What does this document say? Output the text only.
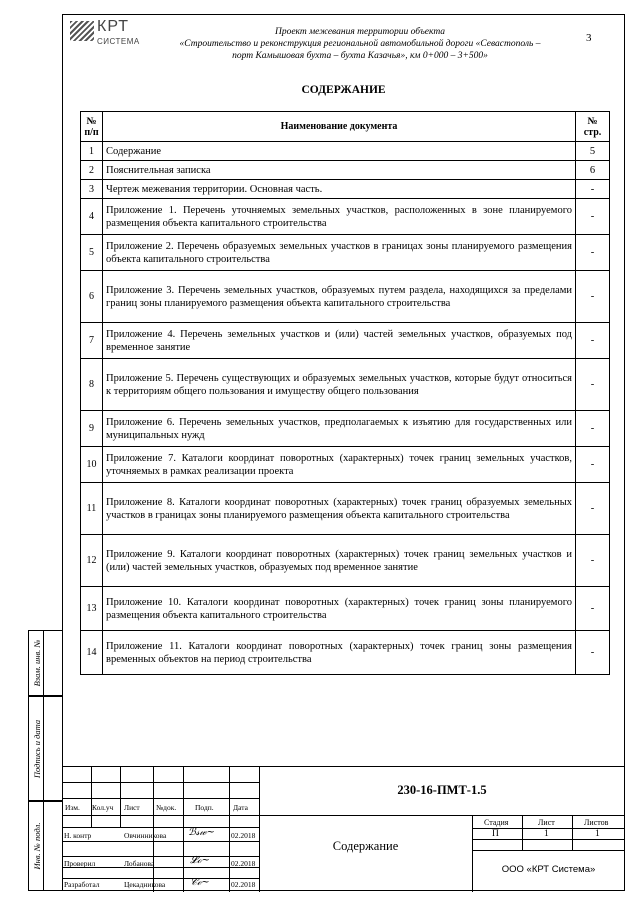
КРТ
СИСТЕМА
Проект межевания территории объекта
«Строительство и реконструкция региональной автомобильной дороги «Севастополь –
порт Камышовая бухта – бухта Казачья», км 0+000 – 3+500»
3
СОДЕРЖАНИЕ
№ п/п	Наименование документа	№ стр.
1	Содержание	5
2	Пояснительная записка	6
3	Чертеж межевания территории. Основная часть.	-
4	Приложение 1. Перечень уточняемых земельных участков, расположенных в зоне планируемого размещения объекта капитального строительства	-
5	Приложение 2. Перечень образуемых земельных участков в границах зоны планируемого размещения объекта капитального строительства	-
6	Приложение 3. Перечень земельных участков, образуемых путем раздела, находящихся за пределами границ зоны планируемого размещения объекта капитального строительства	-
7	Приложение 4. Перечень земельных участков и (или) частей земельных участков, образуемых под временное занятие	-
8	Приложение 5. Перечень существующих и образуемых земельных участков, которые будут относиться к территориям общего пользования и имуществу общего пользования	-
9	Приложение 6. Перечень земельных участков, предполагаемых к изъятию для государственных или муниципальных нужд	-
10	Приложение 7. Каталоги координат поворотных (характерных) точек границ земельных участков, уточняемых в рамках реализации проекта	-
11	Приложение 8. Каталоги координат поворотных (характерных) точек границ образуемых земельных участков в границах зоны планируемого размещения объекта капитального строительства	-
12	Приложение 9. Каталоги координат поворотных (характерных) точек границ земельных участков и (или) частей земельных участков, образуемых под временное занятие	-
13	Приложение 10. Каталоги координат поворотных (характерных) точек границ зоны планируемого размещения объекта капитального строительства	-
14	Приложение 11. Каталоги координат поворотных (характерных) точек границ зоны размещения временных объектов на период строительства	-
Взам. инв. №
Подпись и дата
Инв. № подл.
Изм. Кол.уч Лист №док.	Подп.	Дата
Н. контр	Овчинникова ℬ𝓈𝓌~ 02.2018
Проверил	Лобанова	𝓛ℴ~	02.2018
Разработал	Цекадникова 𝒞ℯ~	02.2018
Стадия	Лист	Листов
П	1	1
230-16-ПМТ-1.5
Содержание
ООО «КРТ Система»
